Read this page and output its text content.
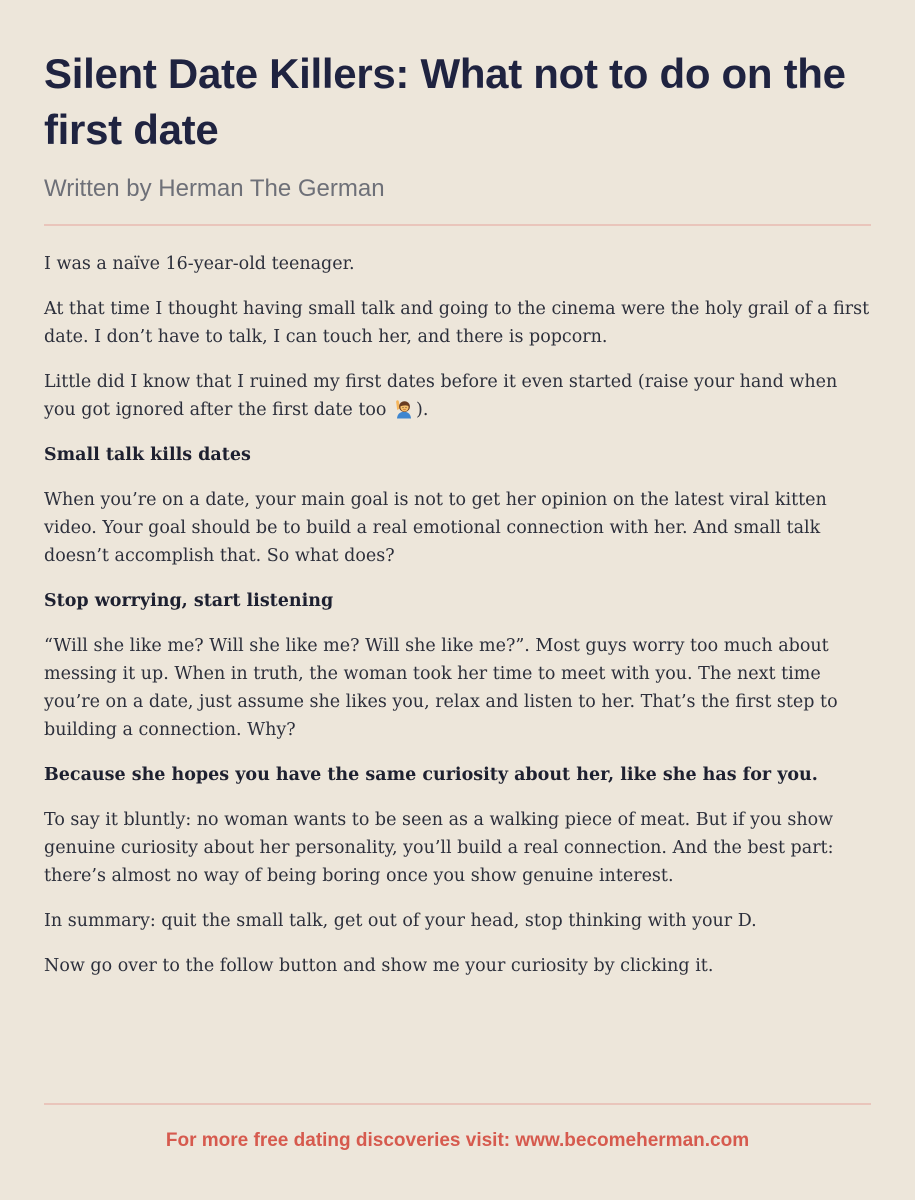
Silent Date Killers: What not to do on the first date

Written by Herman The German

I was a naïve 16-year-old teenager.

At that time I thought having small talk and going to the cinema were the holy grail of a first date. I don’t have to talk, I can touch her, and there is popcorn.

Little did I know that I ruined my first dates before it even started (raise your hand when you got ignored after the first date too ).

Small talk kills dates

When you’re on a date, your main goal is not to get her opinion on the latest viral kitten video. Your goal should be to build a real emotional connection with her. And small talk doesn’t accomplish that. So what does?

Stop worrying, start listening

“Will she like me? Will she like me? Will she like me?”. Most guys worry too much about messing it up. When in truth, the woman took her time to meet with you. The next time you’re on a date, just assume she likes you, relax and listen to her. That’s the first step to building a connection. Why?

Because she hopes you have the same curiosity about her, like she has for you.

To say it bluntly: no woman wants to be seen as a walking piece of meat. But if you show genuine curiosity about her personality, you’ll build a real connection. And the best part: there’s almost no way of being boring once you show genuine interest.

In summary: quit the small talk, get out of your head, stop thinking with your D.

Now go over to the follow button and show me your curiosity by clicking it.

For more free dating discoveries visit: www.becomeherman.com
